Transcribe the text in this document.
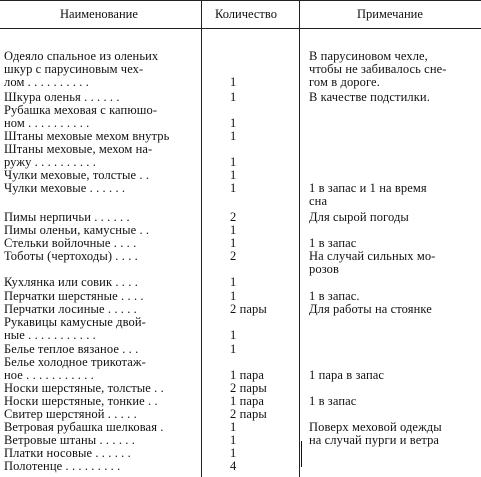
Наименование	Количество	Примечание
Одеяло спальное из оленьих
шкур с парусиновым чех-
лом . . . . . . . . . .
Шкура оленья . . . . . .
Рубашка меховая с капюшо-
ном . . . . . . . . . .
Штаны меховые мехом внутрь
Штаны меховые, мехом на-
ружу . . . . . . . . . .
Чулки меховые, толстые . .
Чулки меховые . . . . . .
Пимы нерпичьи . . . . . .
Пимы оленьи, камусные . .
Стельки войлочные . . . .
Тоботы (чертоходы) . . . .
Кухлянка или совик . . . .
Перчатки шерстяные . . . .
Перчатки лосиные . . . . .
Рукавицы камусные двой-
ные . . . . . . . . . . .
Белье теплое вязаное . . .
Белье холодное трикотаж-
ное . . . . . . . . . . .
Носки шерстяные, толстые . .
Носки шерстяные, тонкие . .
Свитер шерстяной . . . . .
Ветровая рубашка шелковая .
Ветровые штаны . . . . . .
Платки носовые . . . . . .
Полотенце . . . . . . . . .
1
1
1
1
1
1
1
2
1
1
2
1
1
2 пары
1
1
1 пара
2 пары
1 пара
2 пары
1
1
1
4
В парусиновом чехле,
чтобы не забивалось сне-
гом в дороге.
В качестве подстилки.
1 в запас и 1 на время
сна
Для сырой погоды
1 в запас
На случай сильных мо-
розов
1 в запас.
Для работы на стоянке
1 пара в запас
1 в запас
Поверх меховой одежды
на случай пурги и ветра
